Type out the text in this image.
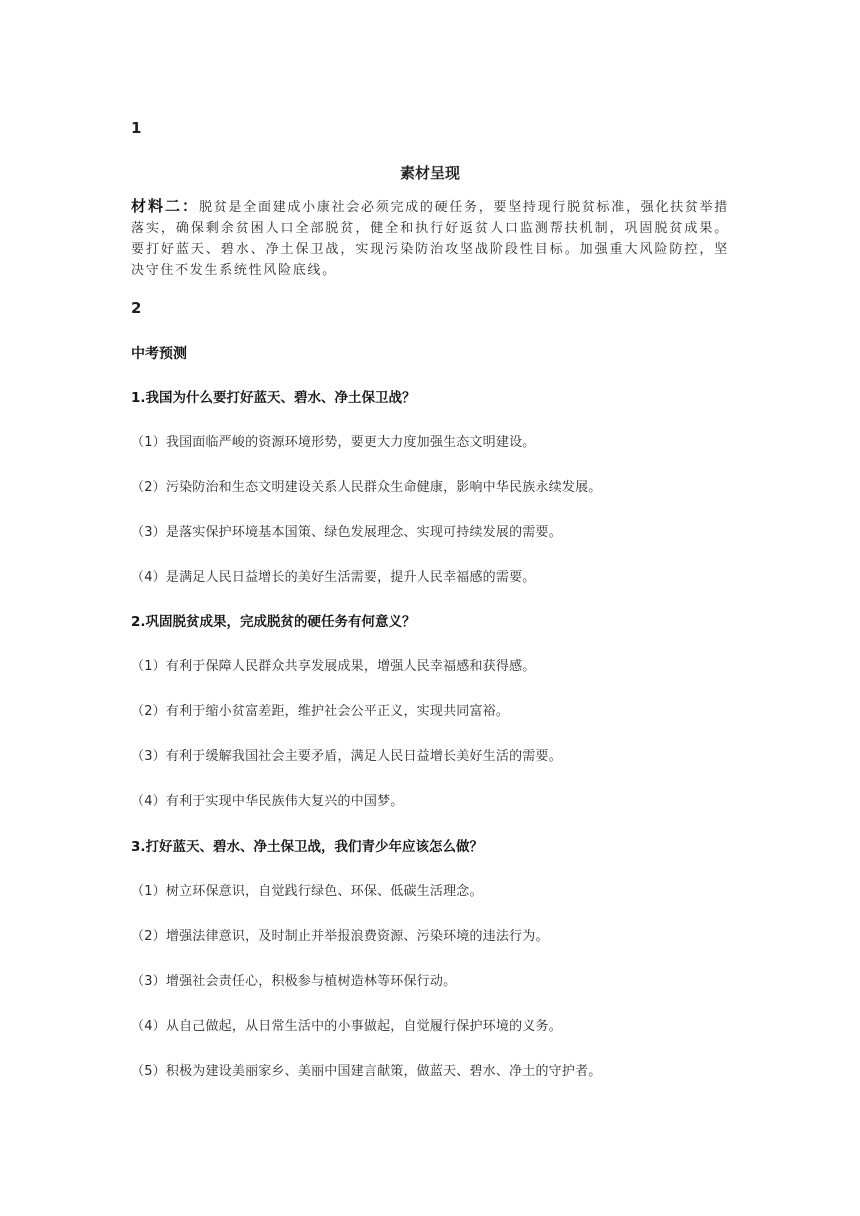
1
素材呈现
材料二：脱贫是全面建成小康社会必须完成的硬任务，要坚持现行脱贫标准，强化扶贫举措落实，确保剩余贫困人口全部脱贫，健全和执行好返贫人口监测帮扶机制，巩固脱贫成果。要打好蓝天、碧水、净土保卫战，实现污染防治攻坚战阶段性目标。加强重大风险防控，坚决守住不发生系统性风险底线。
2
中考预测
1.我国为什么要打好蓝天、碧水、净土保卫战？
（1）我国面临严峻的资源环境形势，要更大力度加强生态文明建设。
（2）污染防治和生态文明建设关系人民群众生命健康，影响中华民族永续发展。
（3）是落实保护环境基本国策、绿色发展理念、实现可持续发展的需要。
（4）是满足人民日益增长的美好生活需要，提升人民幸福感的需要。
2.巩固脱贫成果，完成脱贫的硬任务有何意义？
（1）有利于保障人民群众共享发展成果，增强人民幸福感和获得感。
（2）有利于缩小贫富差距，维护社会公平正义，实现共同富裕。
（3）有利于缓解我国社会主要矛盾，满足人民日益增长美好生活的需要。
（4）有利于实现中华民族伟大复兴的中国梦。
3.打好蓝天、碧水、净土保卫战，我们青少年应该怎么做？
（1）树立环保意识，自觉践行绿色、环保、低碳生活理念。
（2）增强法律意识，及时制止并举报浪费资源、污染环境的违法行为。
（3）增强社会责任心，积极参与植树造林等环保行动。
（4）从自己做起，从日常生活中的小事做起，自觉履行保护环境的义务。
（5）积极为建设美丽家乡、美丽中国建言献策，做蓝天、碧水、净土的守护者。
